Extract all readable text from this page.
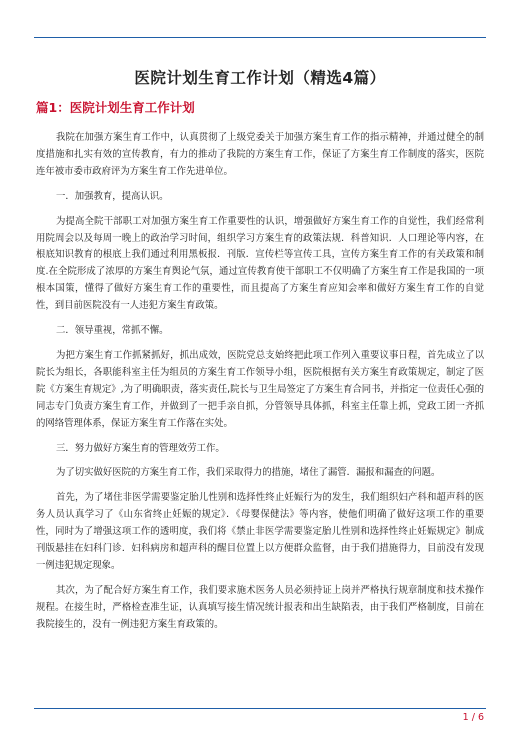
医院计划生育工作计划（精选4篇）
篇1：医院计划生育工作计划

我院在加强方案生育工作中，认真贯彻了上级党委关于加强方案生育工作的指示精神，并通过健全的制度措施和扎实有效的宣传教育，有力的推动了我院的方案生育工作，保证了方案生育工作制度的落实，医院连年被市委市政府评为方案生育工作先进单位。

一．加强教育，提高认识。

为提高全院干部职工对加强方案生育工作重要性的认识，增强做好方案生育工作的自觉性，我们经常利用院周会以及每周一晚上的政治学习时间，组织学习方案生育的政策法规．科普知识．人口理论等内容，在根底知识教育的根底上我们通过利用黑板报．刊版．宣传栏等宣传工具，宣传方案生育工作的有关政策和制度.在全院形成了浓厚的方案生育舆论气氛，通过宣传教育使干部职工不仅明确了方案生育工作是我国的一项根本国策，懂得了做好方案生育工作的重要性，而且提高了方案生育应知会率和做好方案生育工作的自觉性，到目前医院没有一人违犯方案生育政策。

二．领导重视，常抓不懈。

为把方案生育工作抓紧抓好，抓出成效，医院党总支始终把此项工作列入重要议事日程，首先成立了以院长为组长，各职能科室主任为组员的方案生育工作领导小组，医院根据有关方案生育政策规定，制定了医院《方案生育规定》,为了明确职责，落实责任,院长与卫生局签定了方案生育合同书，并指定一位责任心强的同志专门负责方案生育工作，并做到了一把手亲自抓，分管领导具体抓，科室主任靠上抓，党政工团一齐抓的网络管理体系，保证方案生育工作落在实处。

三．努力做好方案生育的管理效劳工作。

为了切实做好医院的方案生育工作，我们采取得力的措施，堵住了漏管．漏报和漏查的问题。

首先，为了堵住非医学需要鉴定胎儿性别和选择性终止妊娠行为的发生，我们组织妇产科和超声科的医务人员认真学习了《山东省终止妊娠的规定》．《母婴保健法》等内容，使他们明确了做好这项工作的重要性，同时为了增强这项工作的透明度，我们将《禁止非医学需要鉴定胎儿性别和选择性终止妊娠规定》制成刊版悬挂在妇科门诊．妇科病房和超声科的醒目位置上以方便群众监督，由于我们措施得力，目前没有发现一例违犯规定现象。

其次，为了配合好方案生育工作，我们要求施术医务人员必须持证上岗并严格执行规章制度和技术操作规程。在接生时，严格检查准生证，认真填写接生情况统计报表和出生缺陷表，由于我们严格制度，目前在我院接生的，没有一例违犯方案生育政策的。

1 / 6
